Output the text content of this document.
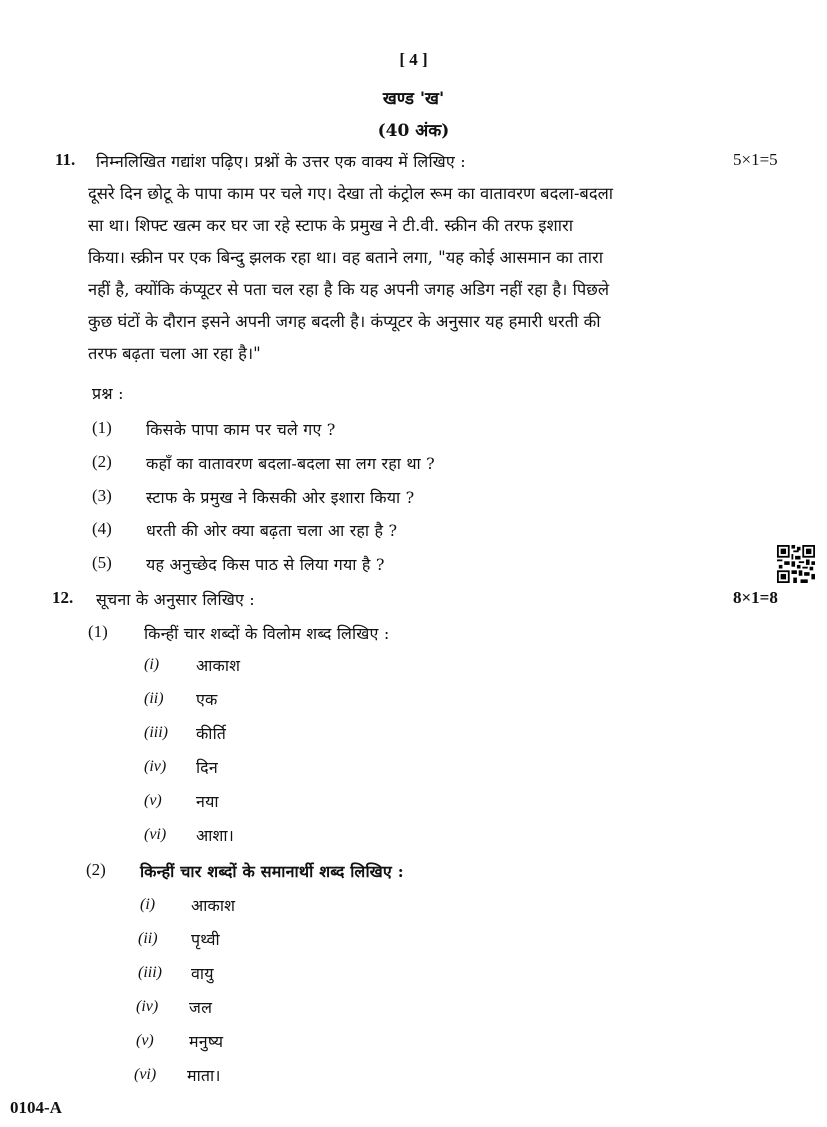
[ 4 ]
खण्ड 'ख'
(40 अंक)
11. निम्नलिखित गद्यांश पढ़िए। प्रश्नों के उत्तर एक वाक्य में लिखिए :	5×1=5
दूसरे दिन छोटू के पापा काम पर चले गए। देखा तो कंट्रोल रूम का वातावरण बदला-बदला
सा था। शिफ्ट खत्म कर घर जा रहे स्टाफ के प्रमुख ने टी.वी. स्क्रीन की तरफ इशारा
किया। स्क्रीन पर एक बिन्दु झलक रहा था। वह बताने लगा, "यह कोई आसमान का तारा
नहीं है, क्योंकि कंप्यूटर से पता चल रहा है कि यह अपनी जगह अडिग नहीं रहा है। पिछले
कुछ घंटों के दौरान इसने अपनी जगह बदली है। कंप्यूटर के अनुसार यह हमारी धरती की
तरफ बढ़ता चला आ रहा है।"
प्रश्न :
(1) किसके पापा काम पर चले गए ?
(2) कहाँ का वातावरण बदला-बदला सा लग रहा था ?
(3) स्टाफ के प्रमुख ने किसकी ओर इशारा किया ?
(4) धरती की ओर क्या बढ़ता चला आ रहा है ?
(5) यह अनुच्छेद किस पाठ से लिया गया है ?
12. सूचना के अनुसार लिखिए :	8×1=8
(1) किन्हीं चार शब्दों के विलोम शब्द लिखिए :
(i) आकाश
(ii) एक
(iii) कीर्ति
(iv) दिन
(v) नया
(vi) आशा।
(2) किन्हीं चार शब्दों के समानार्थी शब्द लिखिए :
(i) आकाश
(ii) पृथ्वी
(iii) वायु
(iv) जल
(v) मनुष्य
(vi) माता।
0104-A
